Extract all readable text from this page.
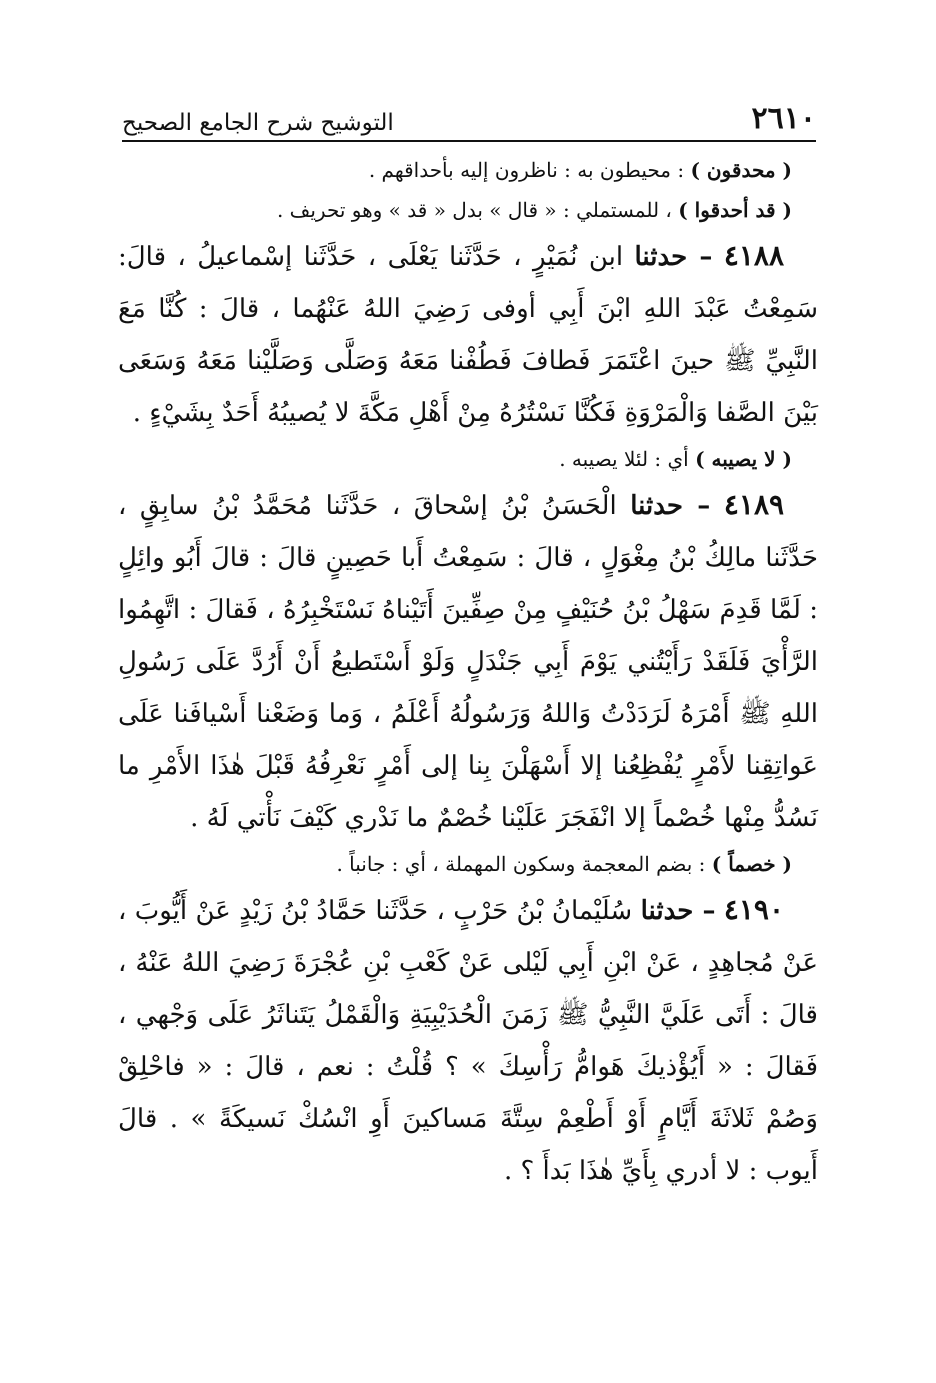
٢٦١٠
التوشيح شرح الجامع الصحيح

( محدقون ) : محيطون به : ناظرون إليه بأحداقهم .

( قد أحدقوا ) ، للمستملي : « قال » بدل « قد » وهو تحريف .

٤١٨٨ – حدثنا ابن نُمَيْرٍ ، حَدَّثَنا يَعْلَى ، حَدَّثَنا إسْماعيلُ ، قالَ: سَمِعْتُ عَبْدَ اللهِ ابْنَ أَبِي أوفى رَضِيَ اللهُ عَنْهُما ، قالَ : كُنَّا مَعَ النَّبِيِّ ﷺ حينَ اعْتَمَرَ فَطافَ فَطُفْنا مَعَهُ وَصَلَّى وَصَلَّيْنا مَعَهُ وَسَعَى بَيْنَ الصَّفا وَالْمَرْوَةِ فَكُنَّا نَسْتُرُهُ مِنْ أَهْلِ مَكَّةَ لا يُصيبُهُ أَحَدٌ بِشَيْءٍ .

( لا يصيبه ) أي : لئلا يصيبه .

٤١٨٩ – حدثنا الْحَسَنُ بْنُ إسْحاقَ ، حَدَّثَنا مُحَمَّدُ بْنُ سابِقٍ ، حَدَّثَنا مالِكُ بْنُ مِغْوَلٍ ، قالَ : سَمِعْتُ أَبا حَصِينٍ قالَ : قالَ أَبُو وائِلٍ : لَمَّا قَدِمَ سَهْلُ بْنُ حُنَيْفٍ مِنْ صِفِّينَ أَتَيْناهُ نَسْتَخْبِرُهُ ، فَقالَ : اتَّهِمُوا الرَّأْيَ فَلَقَدْ رَأَيْتُني يَوْمَ أَبِي جَنْدَلٍ وَلَوْ أَسْتَطيعُ أَنْ أَرُدَّ عَلَى رَسُولِ اللهِ ﷺ أَمْرَهُ لَرَدَدْتُ وَاللهُ وَرَسُولُهُ أَعْلَمُ ، وَما وَضَعْنا أَسْيافَنا عَلَى عَواتِقِنا لأَمْرٍ يُفْظِعُنا إلا أَسْهَلْنَ بِنا إلى أَمْرٍ نَعْرِفُهُ قَبْلَ هٰذَا الأَمْرِ ما نَسُدُّ مِنْها خُصْماً إلا انْفَجَرَ عَلَيْنا خُصْمٌ ما نَدْري كَيْفَ نَأْتي لَهُ .

( خصماً ) : بضم المعجمة وسكون المهملة ، أي : جانباً .

٤١٩٠ – حدثنا سُلَيْمانُ بْنُ حَرْبٍ ، حَدَّثَنا حَمَّادُ بْنُ زَيْدٍ عَنْ أَيُّوبَ ، عَنْ مُجاهِدٍ ، عَنْ ابْنِ أَبِي لَيْلى عَنْ كَعْبِ بْنِ عُجْرَةَ رَضِيَ اللهُ عَنْهُ ، قالَ : أَتَى عَلَيَّ النَّبِيُّ ﷺ زَمَنَ الْحُدَيْبِيَةِ وَالْقَمْلُ يَتَناثَرُ عَلَى وَجْهي ، فَقالَ : « أَيُؤْذيكَ هَوامُّ رَأْسِكَ » ؟ قُلْتُ : نعم ، قالَ : « فاحْلِقْ وَصُمْ ثَلاثَةَ أَيَّامٍ أَوْ أَطْعِمْ سِتَّةَ مَساكينَ أَوِ انْسُكْ نَسيكَةً » . قالَ أَيوب : لا أدري بِأَيِّ هٰذَا بَدأَ ؟ .
